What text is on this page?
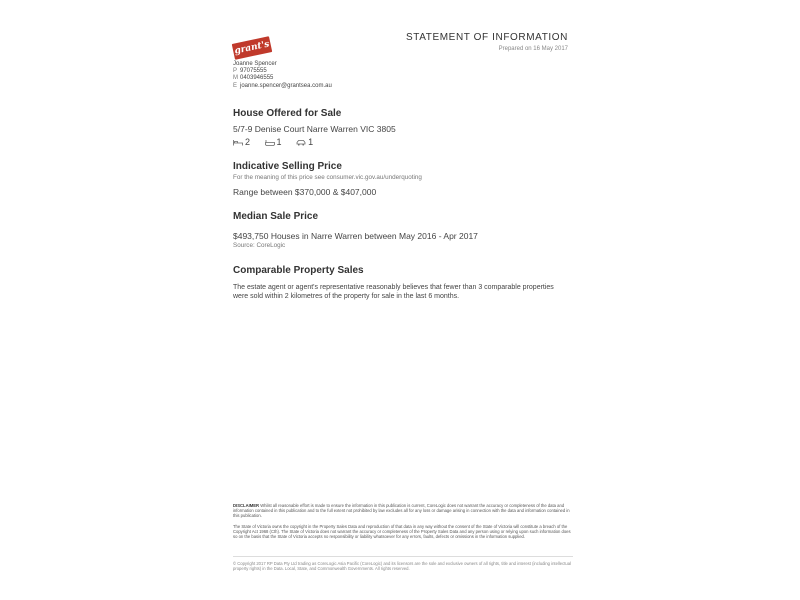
grant's
Joanne Spencer
P 97075555
M 0403946555
E joanne.spencer@grantsea.com.au
STATEMENT OF INFORMATION
Prepared on 16 May 2017
House Offered for Sale
5/7-9 Denise Court Narre Warren VIC 3805
2	1	1
Indicative Selling Price
For the meaning of this price see consumer.vic.gov.au/underquoting
Range between $370,000 & $407,000
Median Sale Price
$493,750 Houses in Narre Warren between May 2016 - Apr 2017
Source: CoreLogic
Comparable Property Sales
The estate agent or agent's representative reasonably believes that fewer than 3 comparable properties were sold within 2 kilometres of the property for sale in the last 6 months.
DISCLAIMER Whilst all reasonable effort is made to ensure the information in this publication is current, CoreLogic does not warrant the accuracy or completeness of the data and information contained in this publication and to the full extent not prohibited by law excludes all for any loss or damage arising in connection with the data and information contained in this publication.
The State of Victoria owns the copyright in the Property Sales Data and reproduction of that data in any way without the consent of the State of Victoria will constitute a breach of the Copyright Act 1968 (Cth). The State of Victoria does not warrant the accuracy or completeness of the Property Sales Data and any person using or relying upon such information does so on the basis that the State of Victoria accepts no responsibility or liability whatsoever for any errors, faults, defects or omissions in the information supplied.
© Copyright 2017 RP Data Pty Ltd trading as CoreLogic Asia Pacific (CoreLogic) and its licensors are the sole and exclusive owners of all rights, title and interest (including intellectual property rights) in the Data. Local, State, and Commonwealth Governments. All rights reserved.
